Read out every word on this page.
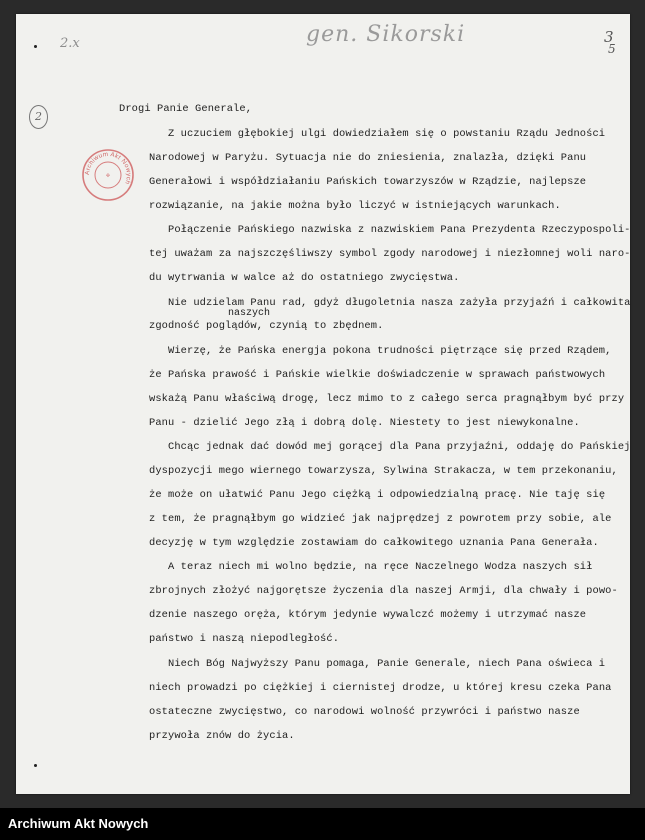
2.x	gen. Sikorski	3
5
2
Archiwum Akt Nowych
✤
Drogi Panie Generale,
Z uczuciem głębokiej ulgi dowiedziałem się o powstaniu Rządu Jedności
Narodowej w Paryżu. Sytuacja nie do zniesienia, znalazła, dzięki Panu
Generałowi i współdziałaniu Pańskich towarzyszów w Rządzie, najlepsze
rozwiązanie, na jakie można było liczyć w istniejących warunkach.
Połączenie Pańskiego nazwiska z nazwiskiem Pana Prezydenta Rzeczypospoli-
tej uważam za najszczęśliwszy symbol zgody narodowej i niezłomnej woli naro-
du wytrwania w walce aż do ostatniego zwycięstwa.
Nie udzielam Panu rad, gdyż długoletnia nasza zażyła przyjaźń i całkowita
naszych
zgodność poglądów, czynią to zbędnem.
Wierzę, że Pańska energja pokona trudności piętrzące się przed Rządem,
że Pańska prawość i Pańskie wielkie doświadczenie w sprawach państwowych
wskażą Panu właściwą drogę, lecz mimo to z całego serca pragnąłbym być przy
Panu - dzielić Jego złą i dobrą dolę. Niestety to jest niewykonalne.
Chcąc jednak dać dowód mej gorącej dla Pana przyjaźni, oddaję do Pańskiej
dyspozycji mego wiernego towarzysza, Sylwina Strakacza, w tem przekonaniu,
że może on ułatwić Panu Jego ciężką i odpowiedzialną pracę. Nie taję się
z tem, że pragnąłbym go widzieć jak najprędzej z powrotem przy sobie, ale
decyzję w tym względzie zostawiam do całkowitego uznania Pana Generała.
A teraz niech mi wolno będzie, na ręce Naczelnego Wodza naszych sił
zbrojnych złożyć najgorętsze życzenia dla naszej Armji, dla chwały i powo-
dzenie naszego oręża, którym jedynie wywalczć możemy i utrzymać nasze
państwo i naszą niepodległość.
Niech Bóg Najwyższy Panu pomaga, Panie Generale, niech Pana oświeca i
niech prowadzi po ciężkiej i ciernistej drodze, u której kresu czeka Pana
ostateczne zwycięstwo, co narodowi wolność przywróci i państwo nasze
przywoła znów do życia.
Archiwum Akt Nowych
